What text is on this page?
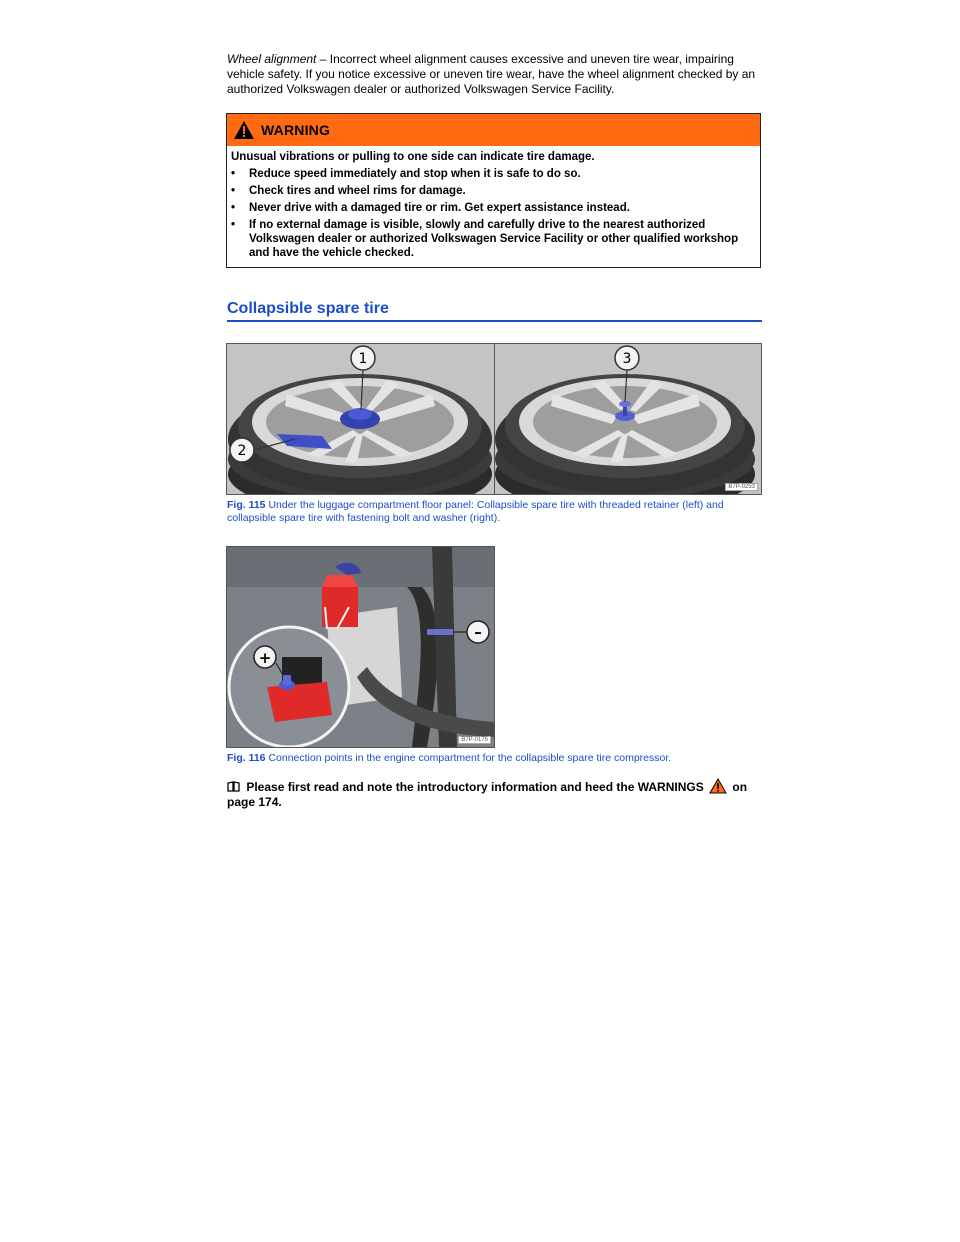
Wheel alignment – Incorrect wheel alignment causes excessive and uneven tire wear, impairing vehicle safety. If you notice excessive or uneven tire wear, have the wheel alignment checked by an authorized Volkswagen dealer or authorized Volkswagen Service Facility.

WARNING

Unusual vibrations or pulling to one side can indicate tire damage.

•	Reduce speed immediately and stop when it is safe to do so.
•	Check tires and wheel rims for damage.
•	Never drive with a damaged tire or rim. Get expert assistance instead.
•	If no external damage is visible, slowly and carefully drive to the nearest authorized Volkswagen dealer or authorized Volkswagen Service Facility or other qualified workshop and have the vehicle checked.
Collapsible spare tire
1
2
3
B7P-0253
Fig. 115 Under the luggage compartment floor panel: Collapsible spare tire with threaded retainer (left) and collapsible spare tire with fastening bolt and washer (right).
–
+
B7P-0175
Fig. 116 Connection points in the engine compartment for the collapsible spare tire compressor.
Please first read and note the introductory information and heed the WARNINGS  on page 174.
